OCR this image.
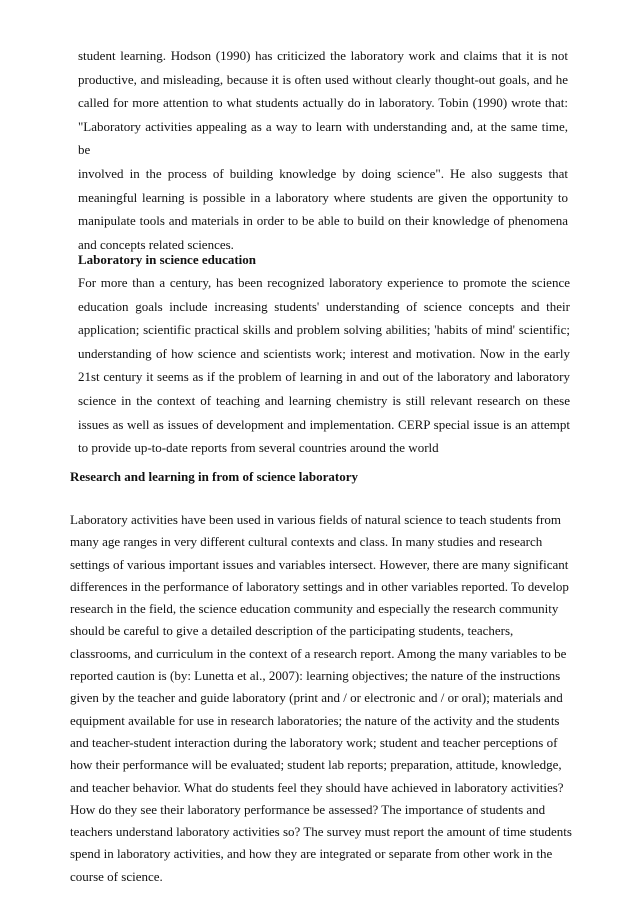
student learning. Hodson (1990) has criticized the laboratory work and claims that it is not
productive, and misleading, because it is often used without clearly thought-out goals, and he
called for more attention to what students actually do in laboratory. Tobin (1990) wrote that:
"Laboratory activities appealing as a way to learn with understanding and, at the same time, be
involved in the process of building knowledge by doing science". He also suggests that
meaningful learning is possible in a laboratory where students are given the opportunity to
manipulate tools and materials in order to be able to build on their knowledge of phenomena
and concepts related sciences.
Laboratory in science education
For more than a century, has been recognized laboratory experience to promote the science
education goals include increasing students' understanding of science concepts and their
application; scientific practical skills and problem solving abilities; 'habits of mind' scientific;
understanding of how science and scientists work; interest and motivation. Now in the early
21st century it seems as if the problem of learning in and out of the laboratory and laboratory
science in the context of teaching and learning chemistry is still relevant research on these
issues as well as issues of development and implementation. CERP special issue is an attempt
to provide up-to-date reports from several countries around the world
Research and learning in from of science laboratory
Laboratory activities have been used in various fields of natural science to teach students from
many age ranges in very different cultural contexts and class. In many studies and research
settings of various important issues and variables intersect. However, there are many significant
differences in the performance of laboratory settings and in other variables reported. To develop
research in the field, the science education community and especially the research community
should be careful to give a detailed description of the participating students, teachers,
classrooms, and curriculum in the context of a research report. Among the many variables to be
reported caution is (by: Lunetta et al., 2007): learning objectives; the nature of the instructions
given by the teacher and guide laboratory (print and / or electronic and / or oral); materials and
equipment available for use in research laboratories; the nature of the activity and the students
and teacher-student interaction during the laboratory work; student and teacher perceptions of
how their performance will be evaluated; student lab reports; preparation, attitude, knowledge,
and teacher behavior. What do students feel they should have achieved in laboratory activities?
How do they see their laboratory performance be assessed? The importance of students and
teachers understand laboratory activities so? The survey must report the amount of time students
spend in laboratory activities, and how they are integrated or separate from other work in the
course of science.
